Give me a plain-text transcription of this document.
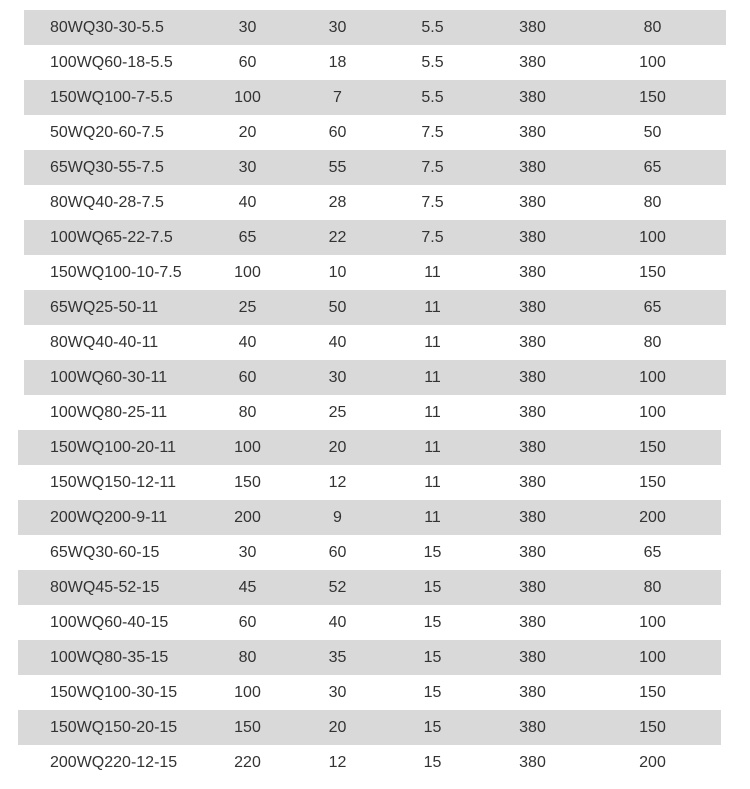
80WQ30-30-5.5	30	30	5.5	380	80
100WQ60-18-5.5	60	18	5.5	380	100
150WQ100-7-5.5	100	7	5.5	380	150
50WQ20-60-7.5	20	60	7.5	380	50
65WQ30-55-7.5	30	55	7.5	380	65
80WQ40-28-7.5	40	28	7.5	380	80
100WQ65-22-7.5	65	22	7.5	380	100
150WQ100-10-7.5	100	10	11	380	150
65WQ25-50-11	25	50	11	380	65
80WQ40-40-11	40	40	11	380	80
100WQ60-30-11	60	30	11	380	100
100WQ80-25-11	80	25	11	380	100
150WQ100-20-11	100	20	11	380	150
150WQ150-12-11	150	12	11	380	150
200WQ200-9-11	200	9	11	380	200
65WQ30-60-15	30	60	15	380	65
80WQ45-52-15	45	52	15	380	80
100WQ60-40-15	60	40	15	380	100
100WQ80-35-15	80	35	15	380	100
150WQ100-30-15	100	30	15	380	150
150WQ150-20-15	150	20	15	380	150
200WQ220-12-15	220	12	15	380	200
